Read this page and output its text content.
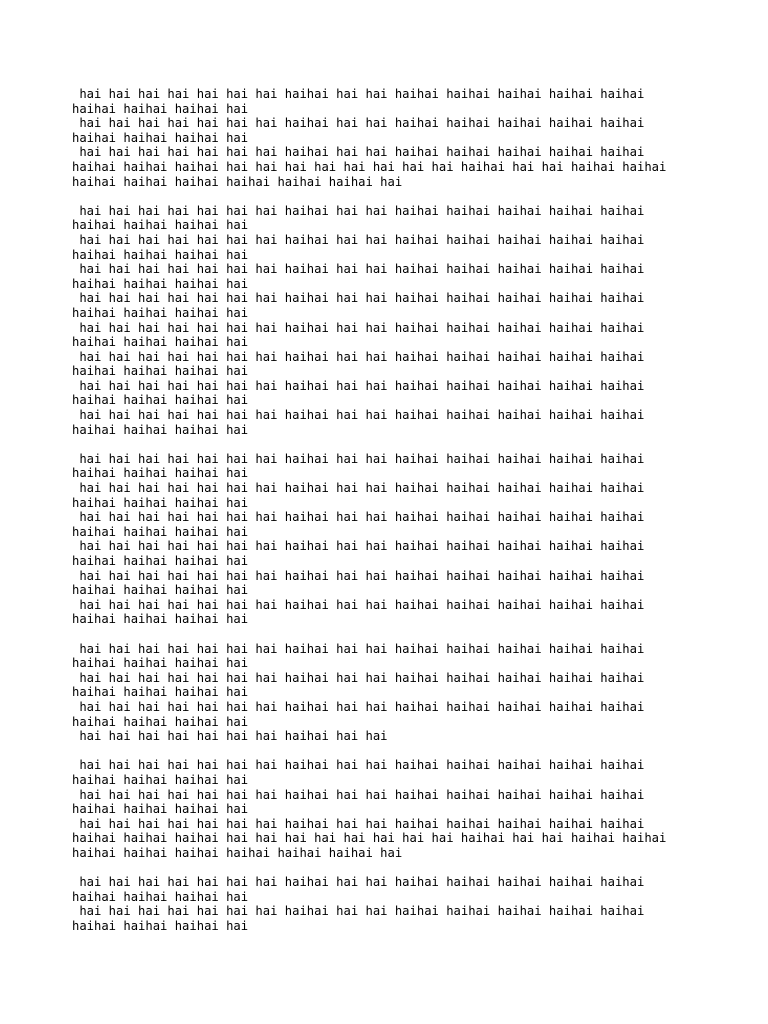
hai hai hai hai hai hai hai haihai hai hai haihai haihai haihai haihai haihai
haihai haihai haihai hai
hai hai hai hai hai hai hai haihai hai hai haihai haihai haihai haihai haihai
haihai haihai haihai hai
hai hai hai hai hai hai hai haihai hai hai haihai haihai haihai haihai haihai
haihai haihai haihai hai hai hai hai hai hai hai hai haihai hai hai haihai haihai
haihai haihai haihai haihai haihai haihai hai
hai hai hai hai hai hai hai haihai hai hai haihai haihai haihai haihai haihai
haihai haihai haihai hai
hai hai hai hai hai hai hai haihai hai hai haihai haihai haihai haihai haihai
haihai haihai haihai hai
hai hai hai hai hai hai hai haihai hai hai haihai haihai haihai haihai haihai
haihai haihai haihai hai
hai hai hai hai hai hai hai haihai hai hai haihai haihai haihai haihai haihai
haihai haihai haihai hai
hai hai hai hai hai hai hai haihai hai hai haihai haihai haihai haihai haihai
haihai haihai haihai hai
hai hai hai hai hai hai hai haihai hai hai haihai haihai haihai haihai haihai
haihai haihai haihai hai
hai hai hai hai hai hai hai haihai hai hai haihai haihai haihai haihai haihai
haihai haihai haihai hai
hai hai hai hai hai hai hai haihai hai hai haihai haihai haihai haihai haihai
haihai haihai haihai hai
hai hai hai hai hai hai hai haihai hai hai haihai haihai haihai haihai haihai
haihai haihai haihai hai
hai hai hai hai hai hai hai haihai hai hai haihai haihai haihai haihai haihai
haihai haihai haihai hai
hai hai hai hai hai hai hai haihai hai hai haihai haihai haihai haihai haihai
haihai haihai haihai hai
hai hai hai hai hai hai hai haihai hai hai haihai haihai haihai haihai haihai
haihai haihai haihai hai
hai hai hai hai hai hai hai haihai hai hai haihai haihai haihai haihai haihai
haihai haihai haihai hai
hai hai hai hai hai hai hai haihai hai hai haihai haihai haihai haihai haihai
haihai haihai haihai hai
hai hai hai hai hai hai hai haihai hai hai haihai haihai haihai haihai haihai
haihai haihai haihai hai
hai hai hai hai hai hai hai haihai hai hai haihai haihai haihai haihai haihai
haihai haihai haihai hai
hai hai hai hai hai hai hai haihai hai hai haihai haihai haihai haihai haihai
haihai haihai haihai hai
hai hai hai hai hai hai hai haihai hai hai
hai hai hai hai hai hai hai haihai hai hai haihai haihai haihai haihai haihai
haihai haihai haihai hai
hai hai hai hai hai hai hai haihai hai hai haihai haihai haihai haihai haihai
haihai haihai haihai hai
hai hai hai hai hai hai hai haihai hai hai haihai haihai haihai haihai haihai
haihai haihai haihai hai hai hai hai hai hai hai hai haihai hai hai haihai haihai
haihai haihai haihai haihai haihai haihai hai
hai hai hai hai hai hai hai haihai hai hai haihai haihai haihai haihai haihai
haihai haihai haihai hai
hai hai hai hai hai hai hai haihai hai hai haihai haihai haihai haihai haihai
haihai haihai haihai hai
